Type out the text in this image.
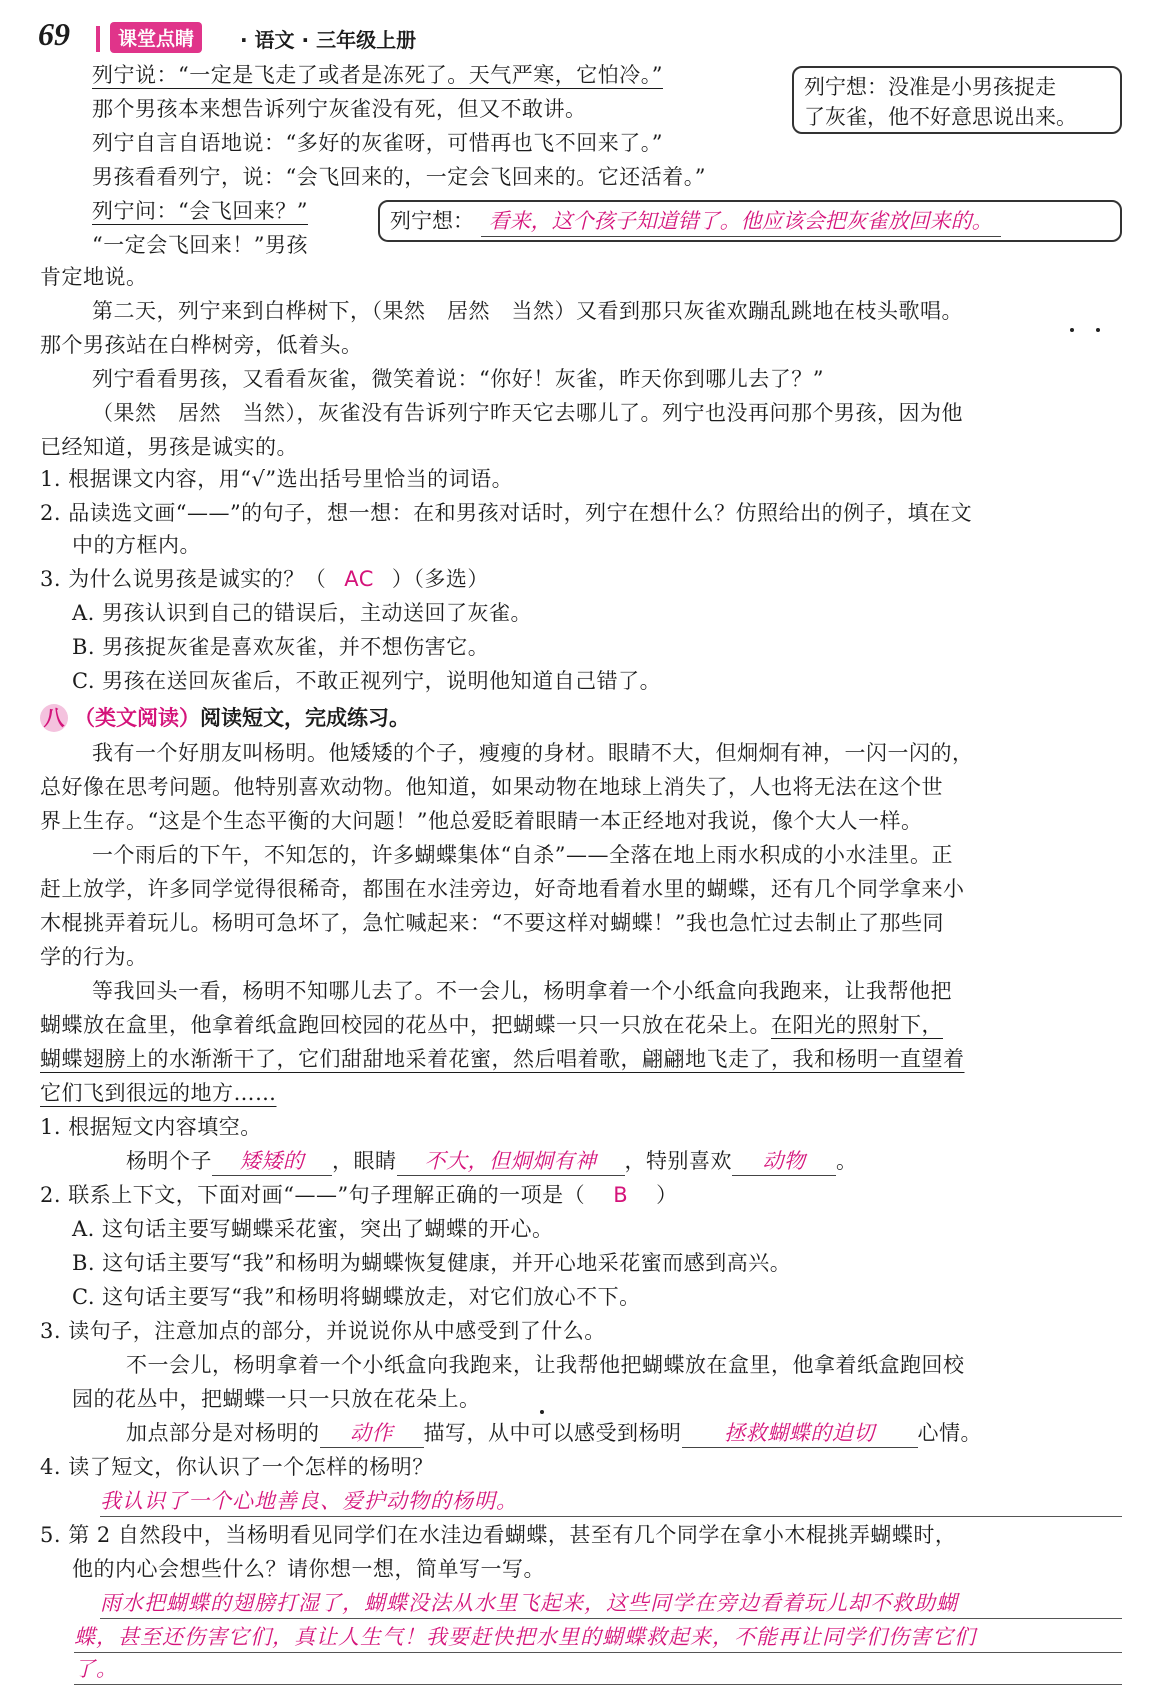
69	课堂点睛	· 语文 · 三年级上册
列宁说：“一定是飞走了或者是冻死了。天气严寒，它怕冷。”
那个男孩本来想告诉列宁灰雀没有死，但又不敢讲。
列宁自言自语地说：“多好的灰雀呀，可惜再也飞不回来了。”
男孩看看列宁，说：“会飞回来的，一定会飞回来的。它还活着。”
列宁问：“会飞回来？”
“一定会飞回来！”男孩
肯定地说。
第二天，列宁来到白桦树下，（果然　居然　当然）又看到那只灰雀欢蹦乱跳地在枝头歌唱。
那个男孩站在白桦树旁，低着头。
列宁看看男孩，又看看灰雀，微笑着说：“你好！灰雀，昨天你到哪儿去了？”
（果然　居然　当然），灰雀没有告诉列宁昨天它去哪儿了。列宁也没再问那个男孩，因为他
已经知道，男孩是诚实的。
列宁想：没准是小男孩捉走
了灰雀，他不好意思说出来。
列宁想： 看来，这个孩子知道错了。他应该会把灰雀放回来的。
1. 根据课文内容，用“√”选出括号里恰当的词语。
2. 品读选文画“——”的句子，想一想：在和男孩对话时，列宁在想什么？仿照给出的例子，填在文
中的方框内。
3. 为什么说男孩是诚实的？（ AC ）（多选）
A. 男孩认识到自己的错误后，主动送回了灰雀。
B. 男孩捉灰雀是喜欢灰雀，并不想伤害它。
C. 男孩在送回灰雀后，不敢正视列宁，说明他知道自己错了。
八 （类文阅读）阅读短文，完成练习。
我有一个好朋友叫杨明。他矮矮的个子，瘦瘦的身材。眼睛不大，但炯炯有神，一闪一闪的，
总好像在思考问题。他特别喜欢动物。他知道，如果动物在地球上消失了，人也将无法在这个世
界上生存。“这是个生态平衡的大问题！”他总爱眨着眼睛一本正经地对我说，像个大人一样。
一个雨后的下午，不知怎的，许多蝴蝶集体“自杀”——全落在地上雨水积成的小水洼里。正
赶上放学，许多同学觉得很稀奇，都围在水洼旁边，好奇地看着水里的蝴蝶，还有几个同学拿来小
木棍挑弄着玩儿。杨明可急坏了，急忙喊起来：“不要这样对蝴蝶！”我也急忙过去制止了那些同
学的行为。
等我回头一看，杨明不知哪儿去了。不一会儿，杨明拿着一个小纸盒向我跑来，让我帮他把
蝴蝶放在盒里，他拿着纸盒跑回校园的花丛中，把蝴蝶一只一只放在花朵上。在阳光的照射下，
蝴蝶翅膀上的水渐渐干了，它们甜甜地采着花蜜，然后唱着歌，翩翩地飞走了，我和杨明一直望着
它们飞到很远的地方……
1. 根据短文内容填空。
杨明个子 矮矮的 ，眼睛 不大，但炯炯有神 ，特别喜欢 动物 。
2. 联系上下文，下面对画“——”句子理解正确的一项是（ B ）
A. 这句话主要写蝴蝶采花蜜，突出了蝴蝶的开心。
B. 这句话主要写“我”和杨明为蝴蝶恢复健康，并开心地采花蜜而感到高兴。
C. 这句话主要写“我”和杨明将蝴蝶放走，对它们放心不下。
3. 读句子，注意加点的部分，并说说你从中感受到了什么。
不一会儿，杨明拿着一个小纸盒向我跑来，让我帮他把蝴蝶放在盒里，他拿着纸盒跑回校
园的花丛中，把蝴蝶一只一只放在花朵上。
加点部分是对杨明的 动作 描写，从中可以感受到杨明 拯救蝴蝶的迫切 心情。
4. 读了短文，你认识了一个怎样的杨明？
我认识了一个心地善良、爱护动物的杨明。
5. 第 2 自然段中，当杨明看见同学们在水洼边看蝴蝶，甚至有几个同学在拿小木棍挑弄蝴蝶时，
他的内心会想些什么？请你想一想，简单写一写。
雨水把蝴蝶的翅膀打湿了，蝴蝶没法从水里飞起来，这些同学在旁边看着玩儿却不救助蝴
蝶，甚至还伤害它们，真让人生气！我要赶快把水里的蝴蝶救起来，不能再让同学们伤害它们
了。
